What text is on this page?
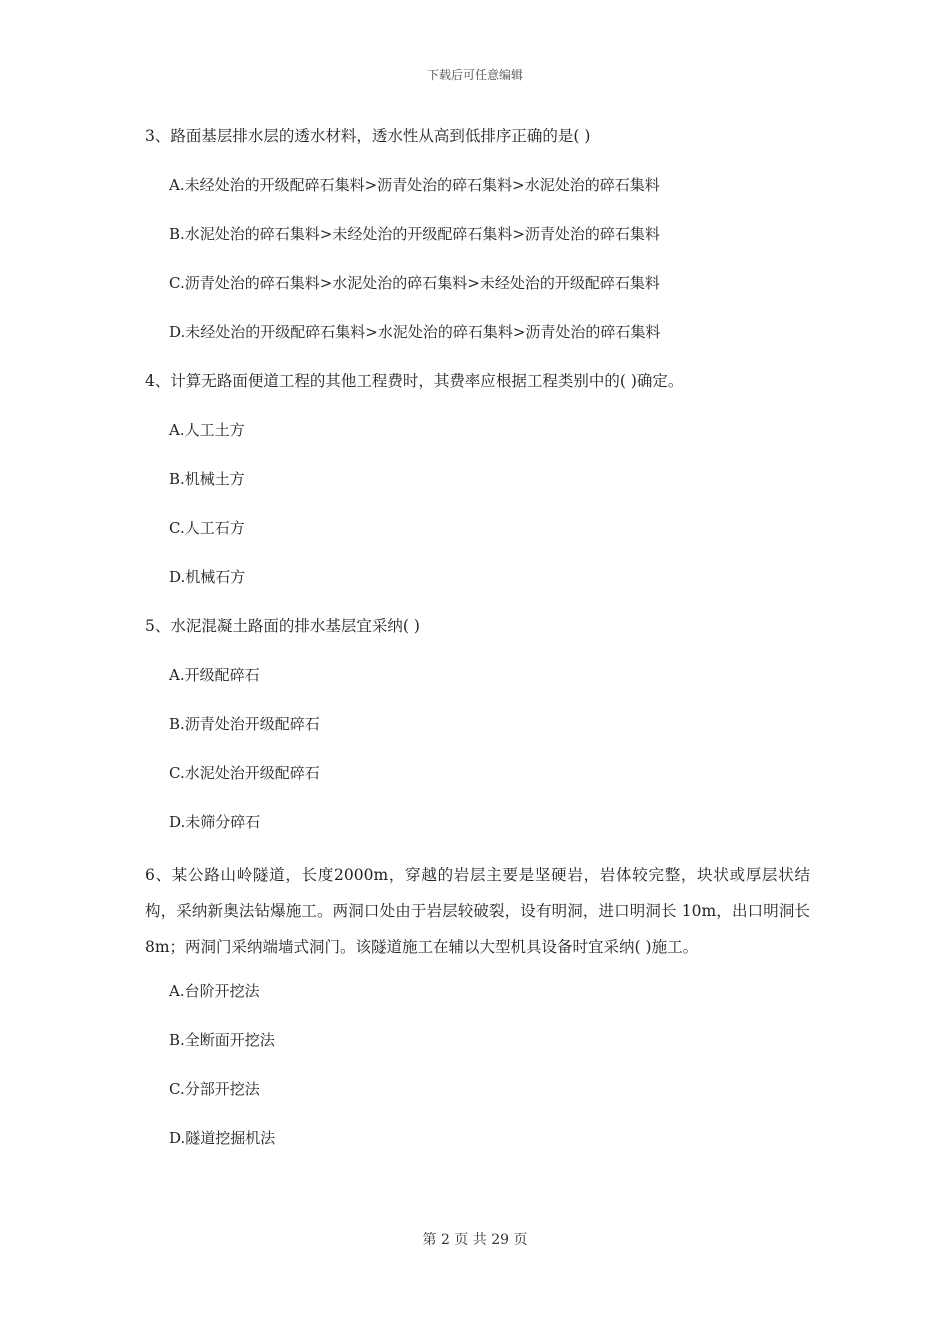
下载后可任意编辑

3、路面基层排水层的透水材料，透水性从高到低排序正确的是( )

A.未经处治的开级配碎石集料>沥青处治的碎石集料>水泥处治的碎石集料

B.水泥处治的碎石集料>未经处治的开级配碎石集料>沥青处治的碎石集料

C.沥青处治的碎石集料>水泥处治的碎石集料>未经处治的开级配碎石集料

D.未经处治的开级配碎石集料>水泥处治的碎石集料>沥青处治的碎石集料

4、计算无路面便道工程的其他工程费时，其费率应根据工程类别中的( )确定。

A.人工土方

B.机械土方

C.人工石方

D.机械石方

5、水泥混凝土路面的排水基层宜采纳( )

A.开级配碎石

B.沥青处治开级配碎石

C.水泥处治开级配碎石

D.未筛分碎石

6、某公路山岭隧道，长度2000m，穿越的岩层主要是坚硬岩，岩体较完整，块状或厚层状结构，采纳新奥法钻爆施工。两洞口处由于岩层较破裂，设有明洞，进口明洞长 10m，出口明洞长 8m；两洞门采纳端墙式洞门。该隧道施工在辅以大型机具设备时宜采纳( )施工。

A.台阶开挖法

B.全断面开挖法

C.分部开挖法

D.隧道挖掘机法

第 2 页 共 29 页
